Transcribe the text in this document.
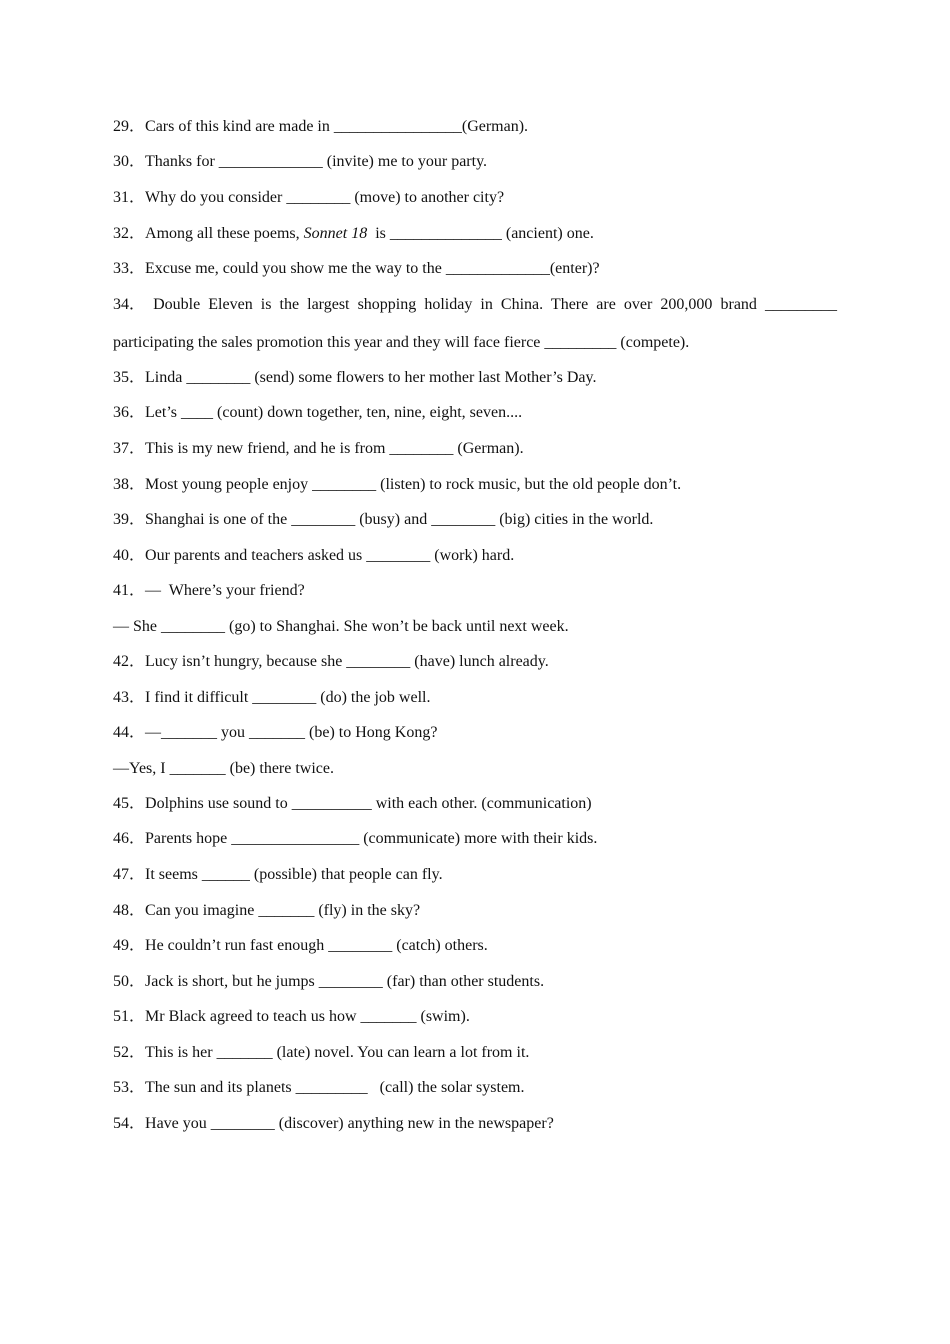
29．Cars of this kind are made in ________________(German).
30．Thanks for _____________ (invite) me to your party.
31．Why do you consider ________ (move) to another city?
32．Among all these poems, Sonnet 18  is ______________ (ancient) one.
33．Excuse me, could you show me the way to the _____________(enter)?
34． Double Eleven is the largest shopping holiday in China. There are over 200,000 brand _________
participating the sales promotion this year and they will face fierce _________ (compete).
35．Linda ________ (send) some flowers to her mother last Mother’s Day.
36．Let’s ____ (count) down together, ten, nine, eight, seven....
37．This is my new friend, and he is from ________ (German).
38．Most young people enjoy ________ (listen) to rock music, but the old people don’t.
39．Shanghai is one of the ________ (busy) and ________ (big) cities in the world.
40．Our parents and teachers asked us ________ (work) hard.
41．—  Where’s your friend?
— She ________ (go) to Shanghai. She won’t be back until next week.
42．Lucy isn’t hungry, because she ________ (have) lunch already.
43．I find it difficult ________ (do) the job well.
44．—_______ you _______ (be) to Hong Kong?
—Yes, I _______ (be) there twice.
45．Dolphins use sound to __________ with each other. (communication)
46．Parents hope ________________ (communicate) more with their kids.
47．It seems ______ (possible) that people can fly.
48．Can you imagine _______ (fly) in the sky?
49．He couldn’t run fast enough ________ (catch) others.
50．Jack is short, but he jumps ________ (far) than other students.
51．Mr Black agreed to teach us how _______ (swim).
52．This is her _______ (late) novel. You can learn a lot from it.
53．The sun and its planets _________   (call) the solar system.
54．Have you ________ (discover) anything new in the newspaper?
